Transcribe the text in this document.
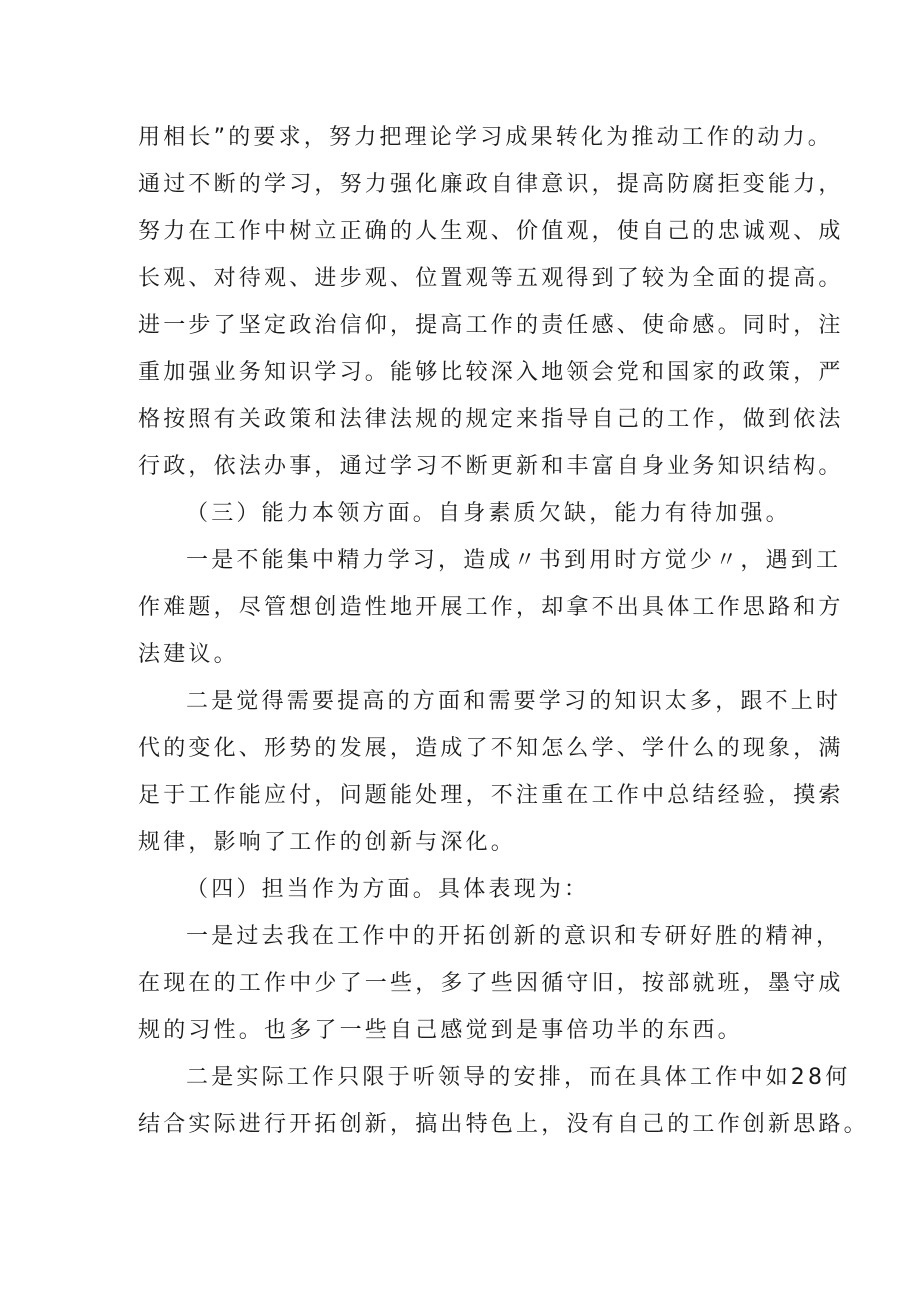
用相长”的要求，努力把理论学习成果转化为推动工作的动力。
通过不断的学习，努力强化廉政自律意识，提高防腐拒变能力，
努力在工作中树立正确的人生观、价值观，使自己的忠诚观、成
长观、对待观、进步观、位置观等五观得到了较为全面的提高。
进一步了坚定政治信仰，提高工作的责任感、使命感。同时，注
重加强业务知识学习。能够比较深入地领会党和国家的政策，严
格按照有关政策和法律法规的规定来指导自己的工作，做到依法
行政，依法办事，通过学习不断更新和丰富自身业务知识结构。
（三）能力本领方面。自身素质欠缺，能力有待加强。
一是不能集中精力学习，造成〃书到用时方觉少〃，遇到工
作难题，尽管想创造性地开展工作，却拿不出具体工作思路和方
法建议。
二是觉得需要提高的方面和需要学习的知识太多，跟不上时
代的变化、形势的发展，造成了不知怎么学、学什么的现象，满
足于工作能应付，问题能处理，不注重在工作中总结经验，摸索
规律，影响了工作的创新与深化。
（四）担当作为方面。具体表现为：
一是过去我在工作中的开拓创新的意识和专研好胜的精神，
在现在的工作中少了一些，多了些因循守旧，按部就班，墨守成
规的习性。也多了一些自己感觉到是事倍功半的东西。
二是实际工作只限于听领导的安排，而在具体工作中如28何
结合实际进行开拓创新，搞出特色上，没有自己的工作创新思路。
